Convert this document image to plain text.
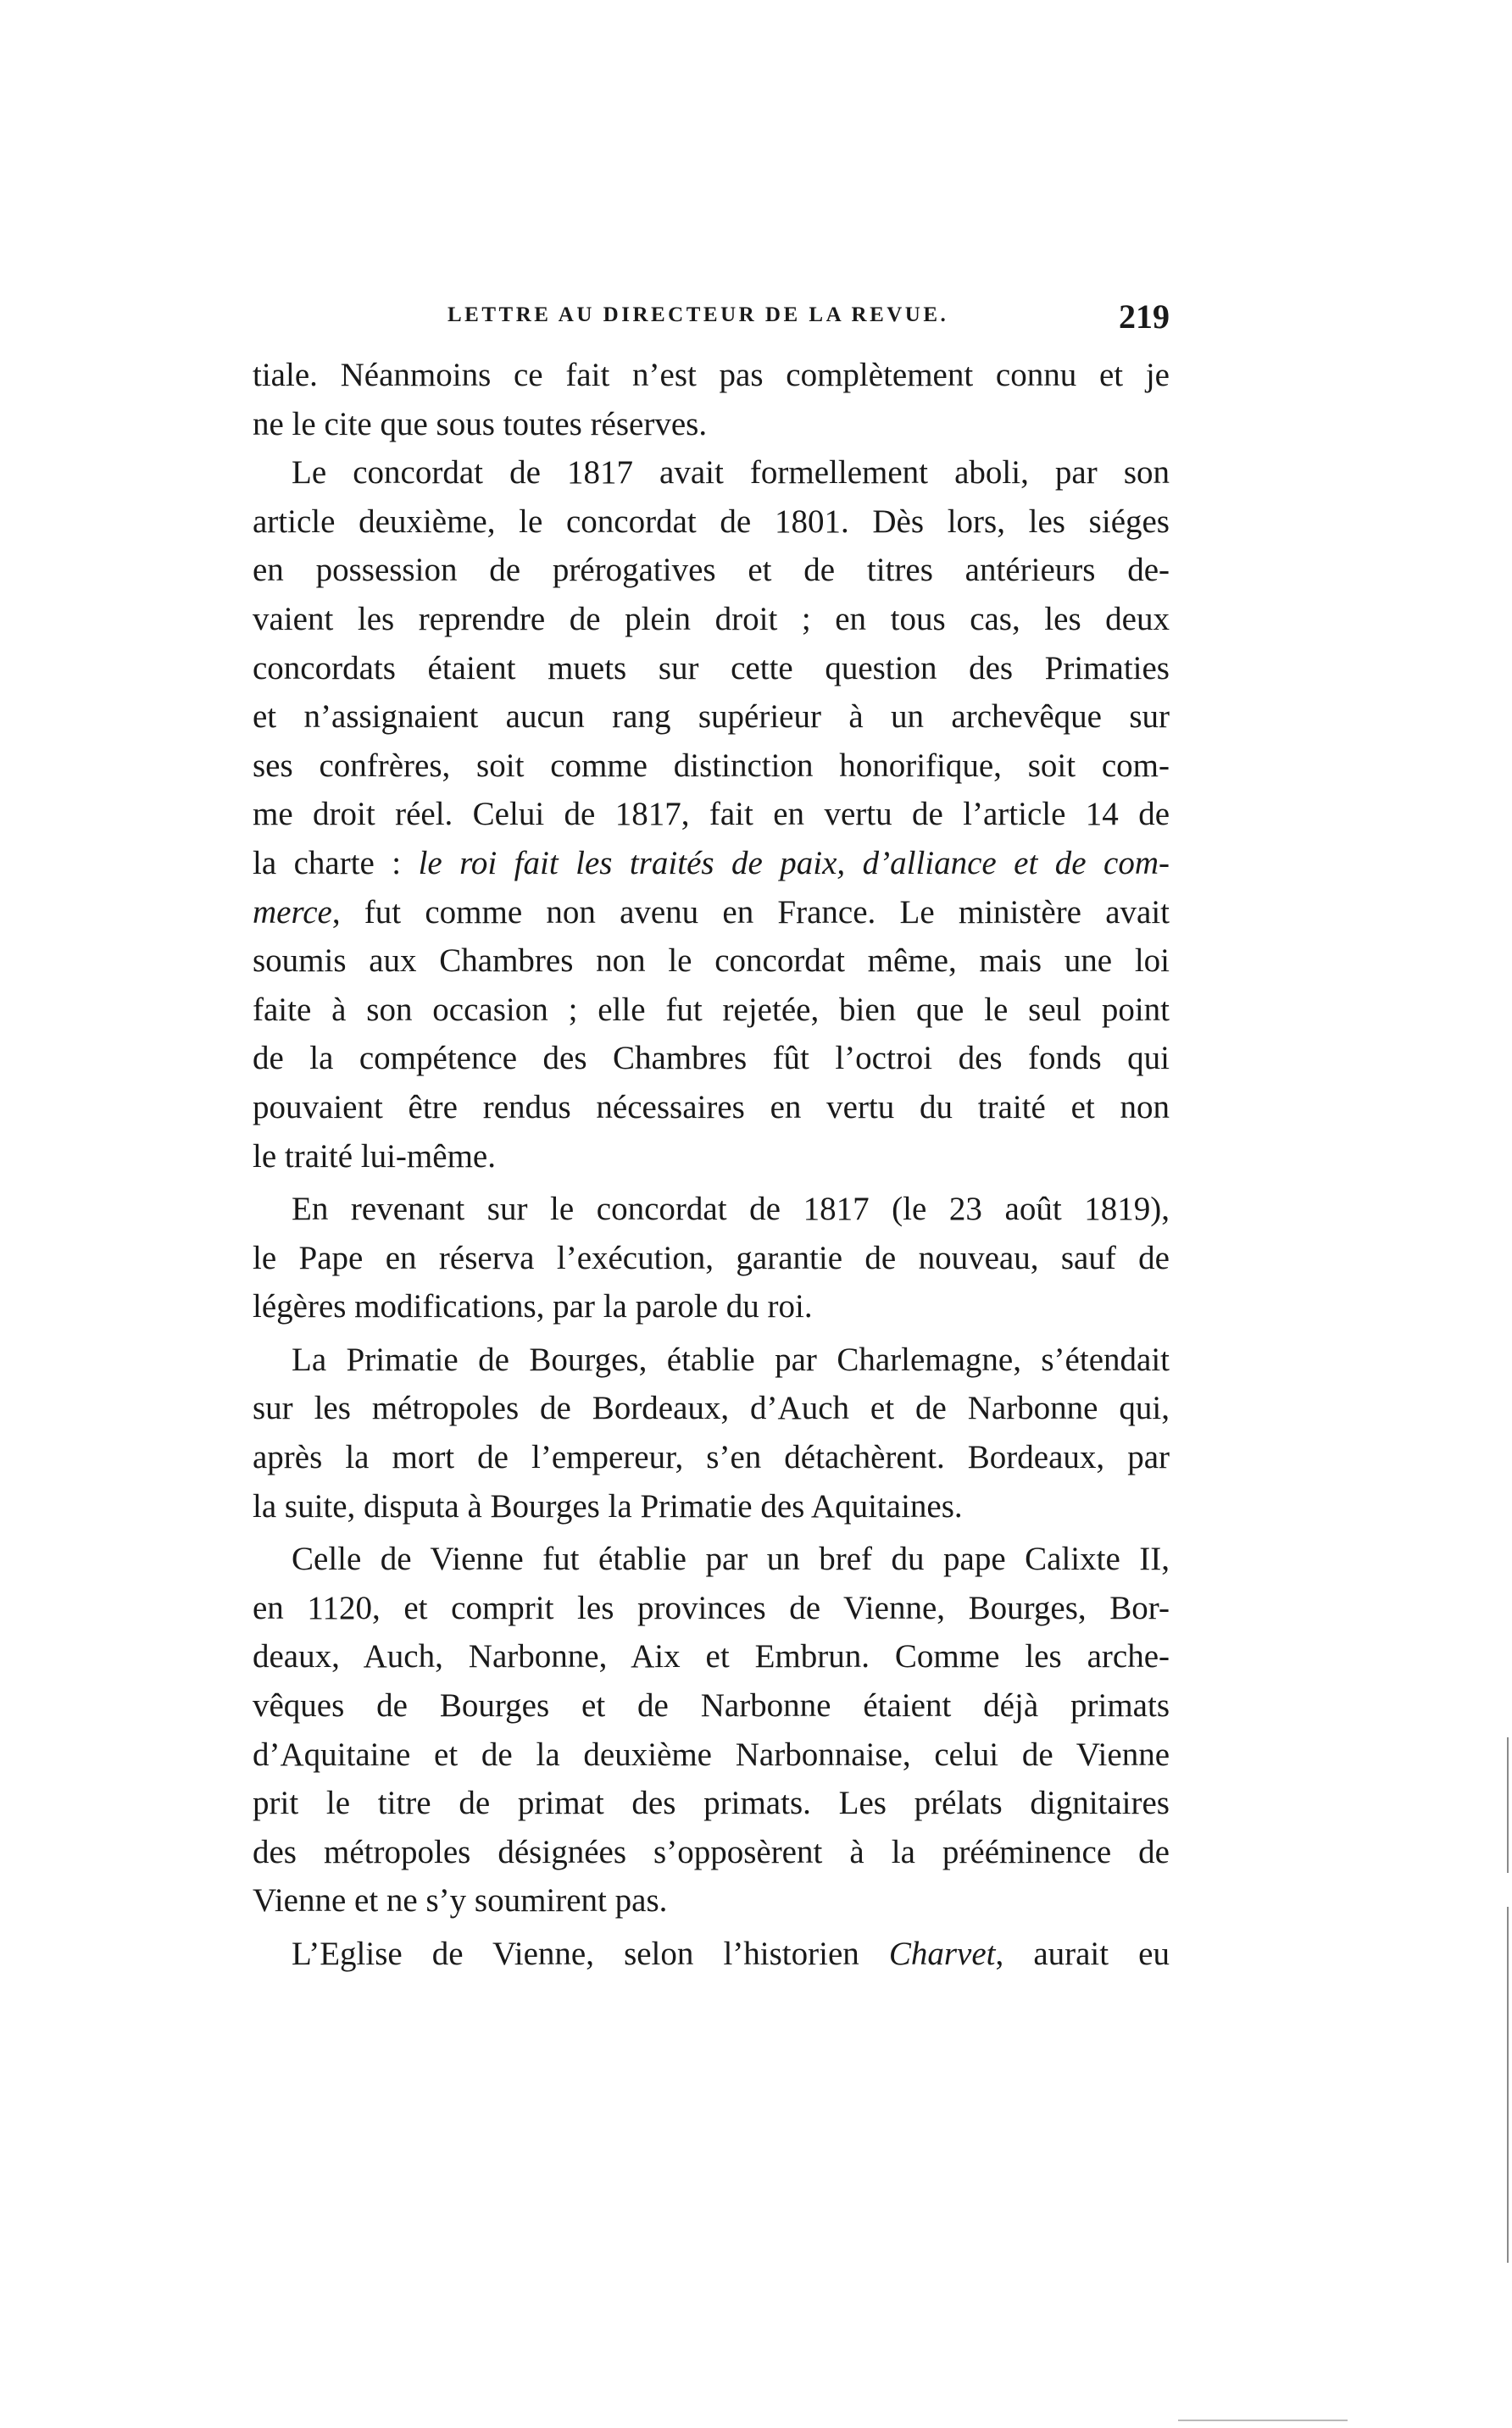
LETTRE AU DIRECTEUR DE LA REVUE.	219
tiale. Néanmoins ce fait n’est pas complètement connu et je
ne le cite que sous toutes réserves.
Le concordat de 1817 avait formellement aboli, par son
article deuxième, le concordat de 1801. Dès lors, les siéges
en possession de prérogatives et de titres antérieurs de-
vaient les reprendre de plein droit ; en tous cas, les deux
concordats étaient muets sur cette question des Primaties
et n’assignaient aucun rang supérieur à un archevêque sur
ses confrères, soit comme distinction honorifique, soit com-
me droit réel. Celui de 1817, fait en vertu de l’article 14 de
la charte : le roi fait les traités de paix, d’alliance et de com-
merce, fut comme non avenu en France. Le ministère avait
soumis aux Chambres non le concordat même, mais une loi
faite à son occasion ; elle fut rejetée, bien que le seul point
de la compétence des Chambres fût l’octroi des fonds qui
pouvaient être rendus nécessaires en vertu du traité et non
le traité lui-même.
En revenant sur le concordat de 1817 (le 23 août 1819),
le Pape en réserva l’exécution, garantie de nouveau, sauf de
légères modifications, par la parole du roi.
La Primatie de Bourges, établie par Charlemagne, s’étendait
sur les métropoles de Bordeaux, d’Auch et de Narbonne qui,
après la mort de l’empereur, s’en détachèrent. Bordeaux, par
la suite, disputa à Bourges la Primatie des Aquitaines.
Celle de Vienne fut établie par un bref du pape Calixte II,
en 1120, et comprit les provinces de Vienne, Bourges, Bor-
deaux, Auch, Narbonne, Aix et Embrun. Comme les arche-
vêques de Bourges et de Narbonne étaient déjà primats
d’Aquitaine et de la deuxième Narbonnaise, celui de Vienne
prit le titre de primat des primats. Les prélats dignitaires
des métropoles désignées s’opposèrent à la prééminence de
Vienne et ne s’y soumirent pas.
L’Eglise de Vienne, selon l’historien Charvet, aurait eu
